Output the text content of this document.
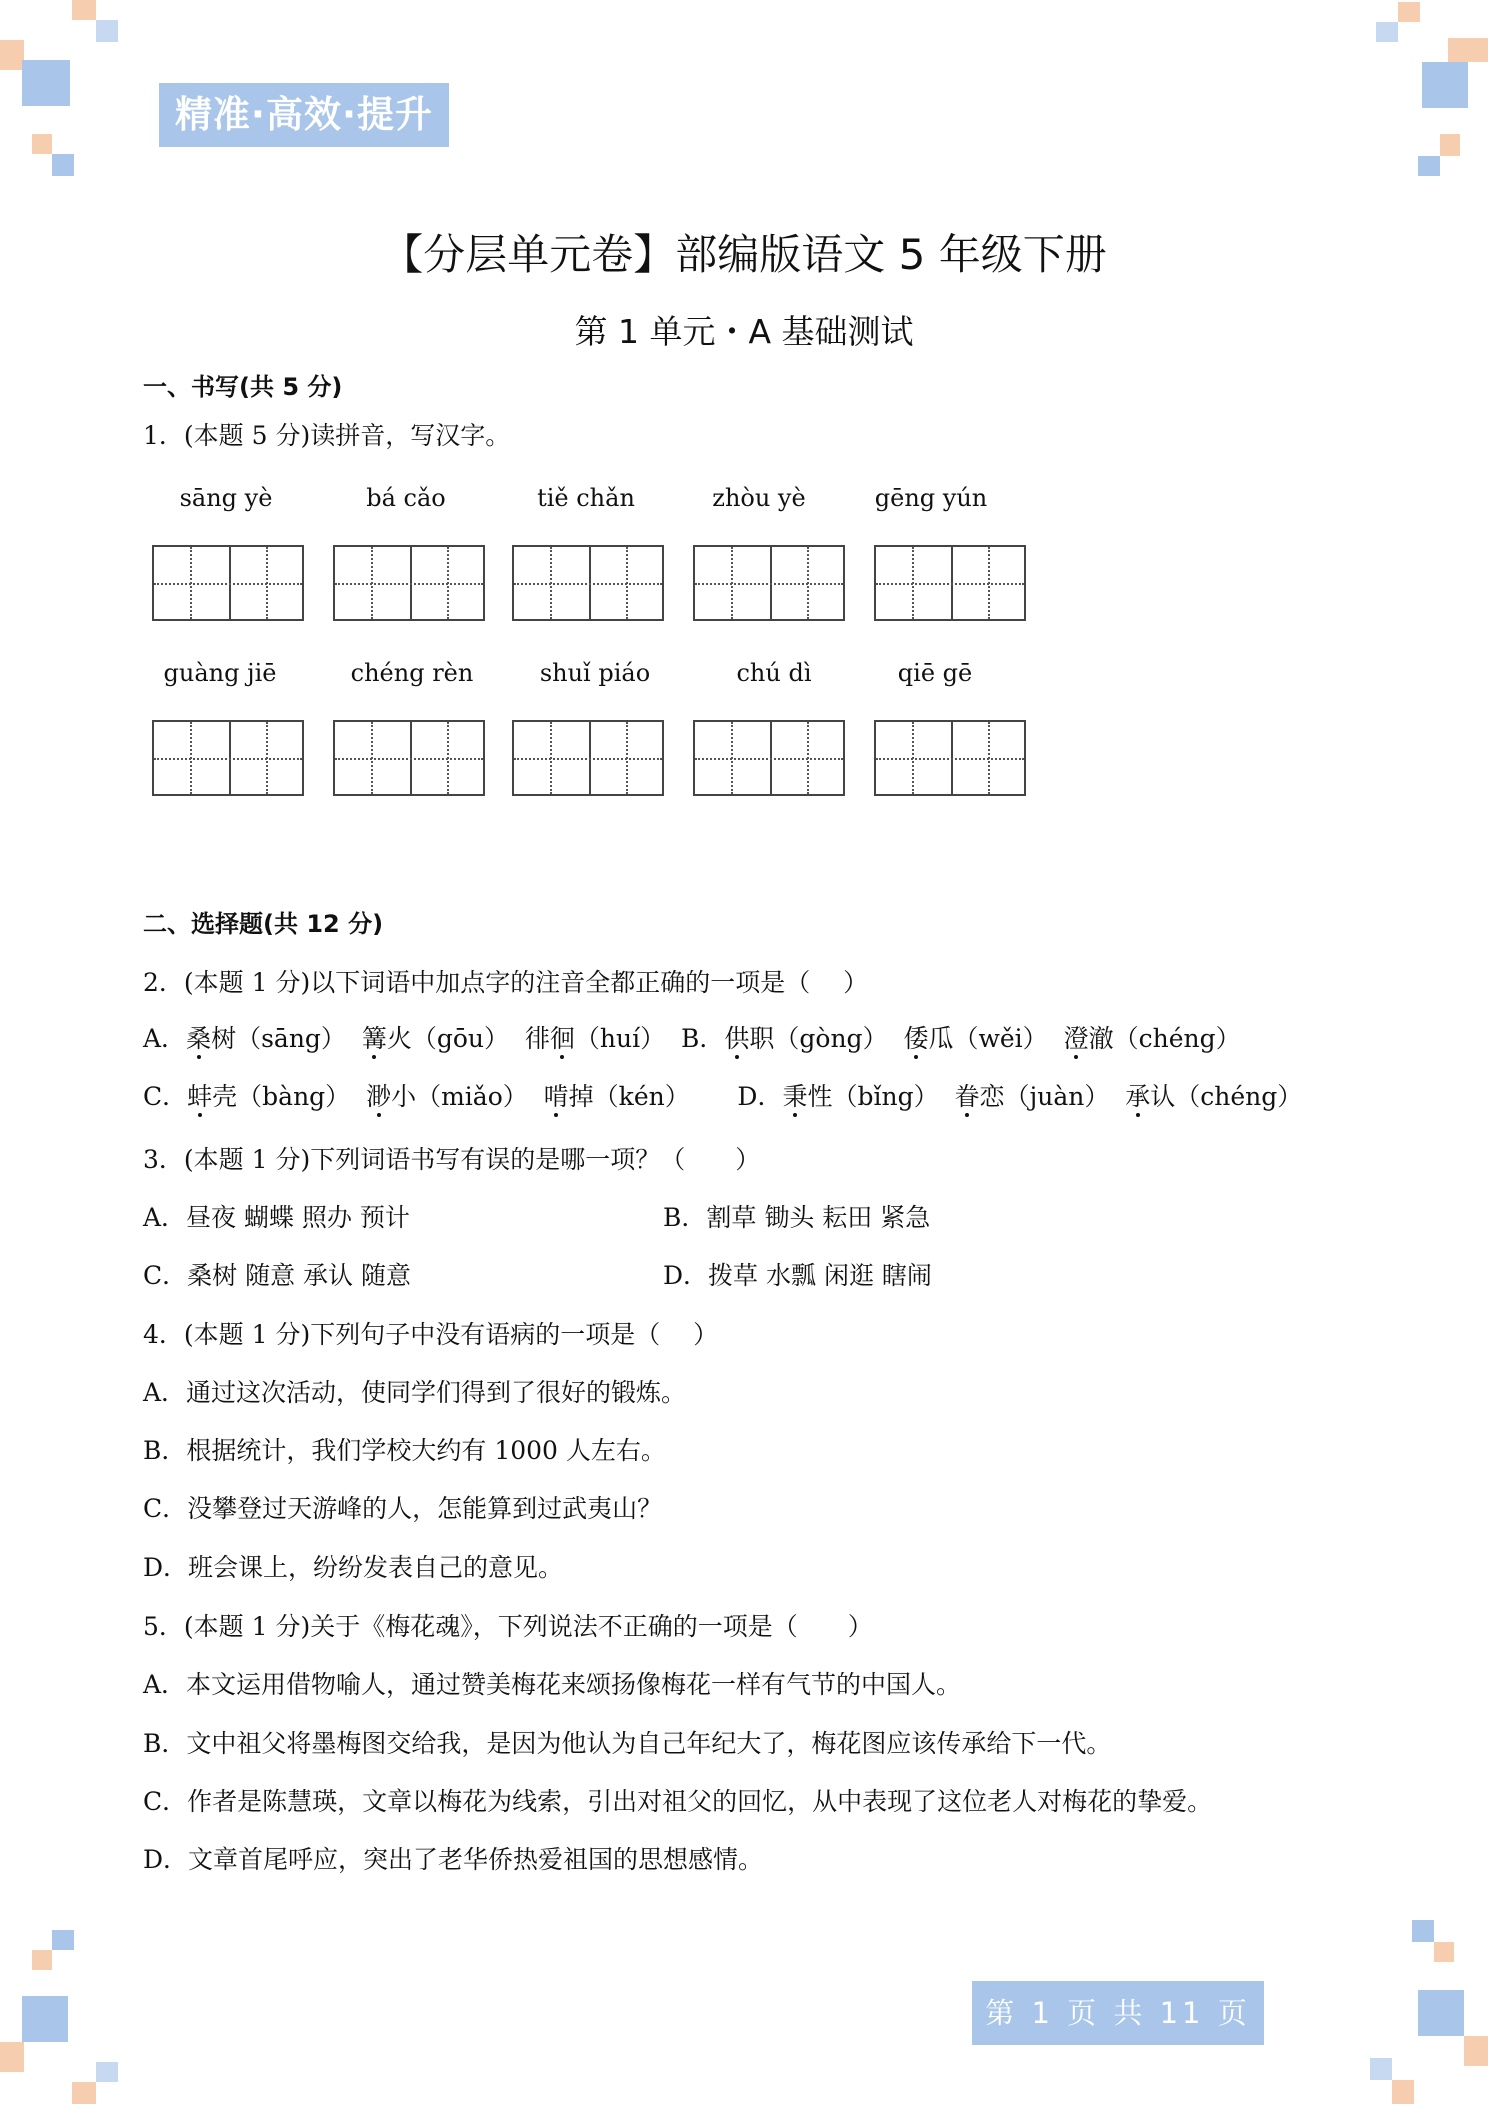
精准·高效·提升
【分层单元卷】部编版语文 5 年级下册
第 1 单元・A 基础测试
一、书写(共 5 分)
1．(本题 5 分)读拼音，写汉字。
sāng yè	bá cǎo	tiě chǎn	zhòu yè	gēng yún
guàng jiē	chéng rèn	shuǐ piáo	chú dì	qiē gē
二、选择题(共 12 分)
2．(本题 1 分)以下词语中加点字的注音全都正确的一项是（　 ）
A．桑树（sāng）  篝火（gōu）  徘徊（huí）  B．供职（gòng）  倭瓜（wěi）  澄澈（chéng）
C．蚌壳（bàng）  渺小（miǎo）  啃掉（kén）      D．秉性（bǐng）  眷恋（juàn）  承认（chéng）
3．(本题 1 分)下列词语书写有误的是哪一项？（　　）
A．昼夜 蝴蝶 照办 预计	B．割草 锄头 耘田 紧急
C．桑树 随意 承认 随意	D．拨草 水瓢 闲逛 瞎闹
4．(本题 1 分)下列句子中没有语病的一项是（　 ）
A．通过这次活动，使同学们得到了很好的锻炼。
B．根据统计，我们学校大约有 1000 人左右。
C．没攀登过天游峰的人，怎能算到过武夷山？
D．班会课上，纷纷发表自己的意见。
5．(本题 1 分)关于《梅花魂》，下列说法不正确的一项是（　　）
A．本文运用借物喻人，通过赞美梅花来颂扬像梅花一样有气节的中国人。
B．文中祖父将墨梅图交给我，是因为他认为自己年纪大了，梅花图应该传承给下一代。
C．作者是陈慧瑛，文章以梅花为线索，引出对祖父的回忆，从中表现了这位老人对梅花的挚爱。
D．文章首尾呼应，突出了老华侨热爱祖国的思想感情。
第 1 页 共 11 页
